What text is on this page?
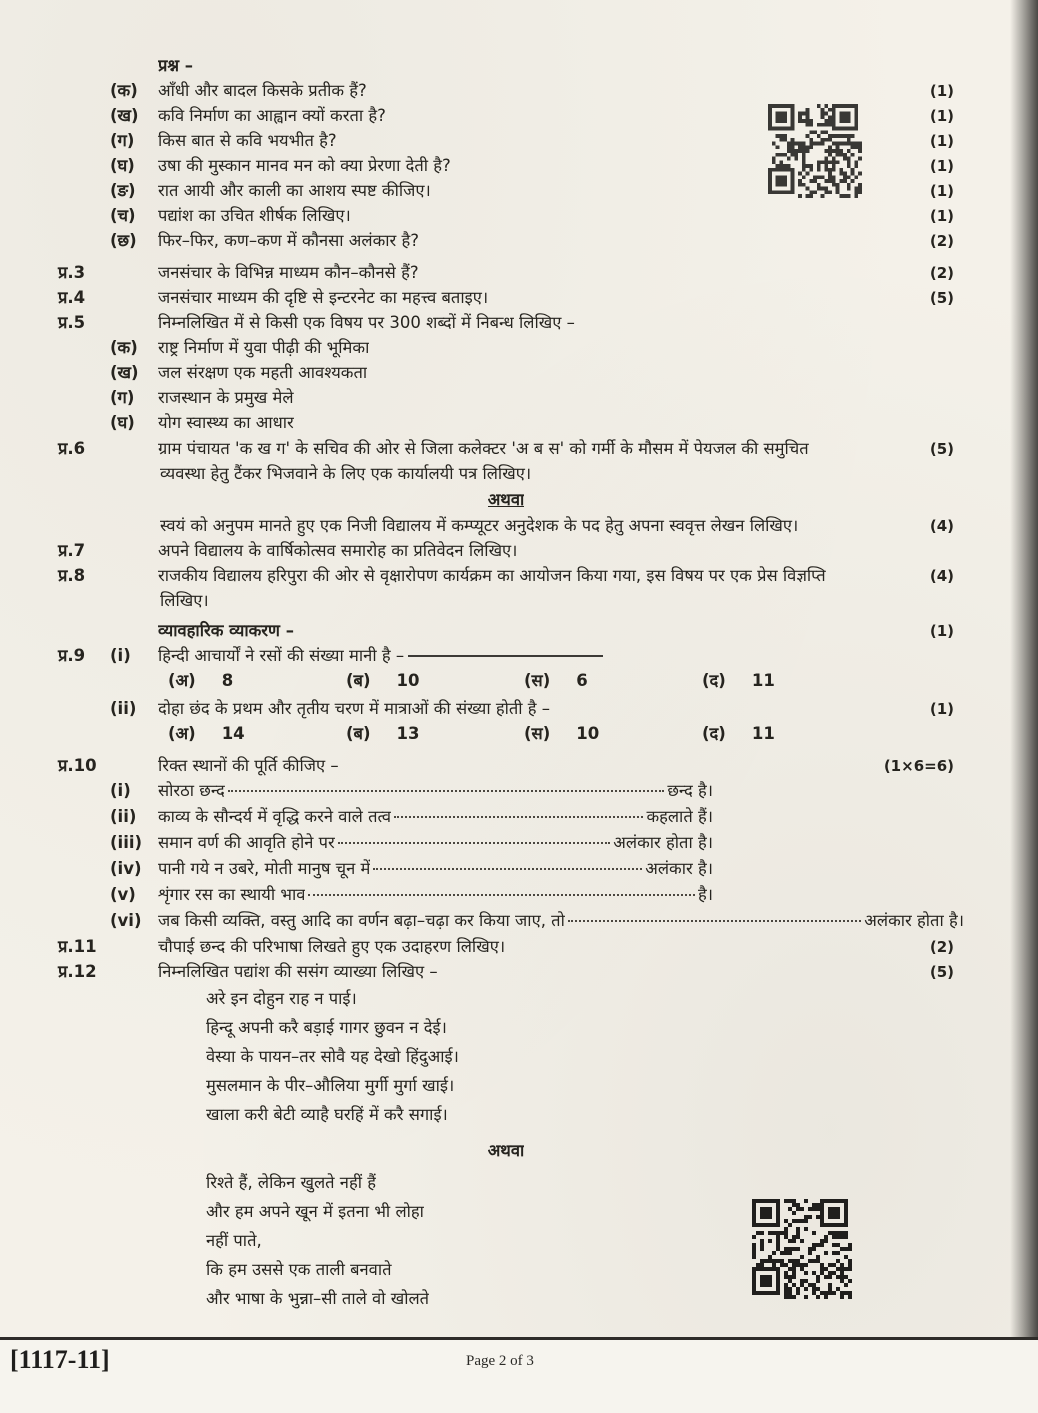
प्रश्न –
(क)	आँधी और बादल किसके प्रतीक हैं?	(1)
(ख)	कवि निर्माण का आह्वान क्यों करता है?	(1)
(ग)	किस बात से कवि भयभीत है?	(1)
(घ)	उषा की मुस्कान मानव मन को क्या प्रेरणा देती है?	(1)
(ङ)	रात आयी और काली का आशय स्पष्ट कीजिए।	(1)
(च)	पद्यांश का उचित शीर्षक लिखिए।	(1)
(छ)	फिर–फिर, कण–कण में कौनसा अलंकार है?	(2)
प्र.3	जनसंचार के विभिन्न माध्यम कौन–कौनसे हैं?	(2)
प्र.4	जनसंचार माध्यम की दृष्टि से इन्टरनेट का महत्त्व बताइए।	(5)
प्र.5	निम्नलिखित में से किसी एक विषय पर 300 शब्दों में निबन्ध लिखिए –
(क)	राष्ट्र निर्माण में युवा पीढ़ी की भूमिका
(ख)	जल संरक्षण एक महती आवश्यकता
(ग)	राजस्थान के प्रमुख मेले
(घ)	योग स्वास्थ्य का आधार
प्र.6	ग्राम पंचायत 'क ख ग' के सचिव की ओर से जिला कलेक्टर 'अ ब स' को गर्मी के मौसम में पेयजल की समुचित	(5)
व्यवस्था हेतु टैंकर भिजवाने के लिए एक कार्यालयी पत्र लिखिए।
अथवा
स्वयं को अनुपम मानते हुए एक निजी विद्यालय में कम्प्यूटर अनुदेशक के पद हेतु अपना स्ववृत्त लेखन लिखिए।	(4)
प्र.7	अपने विद्यालय के वार्षिकोत्सव समारोह का प्रतिवेदन लिखिए।
प्र.8	राजकीय विद्यालय हरिपुरा की ओर से वृक्षारोपण कार्यक्रम का आयोजन किया गया, इस विषय पर एक प्रेस विज्ञप्ति	(4)
लिखिए।
व्यावहारिक व्याकरण –	(1)
प्र.9	(i)	हिन्दी आचार्यों ने रसों की संख्या मानी है –
(अ) 8	(ब) 10	(स) 6	(द) 11
(ii)	दोहा छंद के प्रथम और तृतीय चरण में मात्राओं की संख्या होती है –	(1)
(अ) 14	(ब) 13	(स) 10	(द) 11
प्र.10	रिक्त स्थानों की पूर्ति कीजिए –	(1×6=6)
(i)	सोरठा छन्द	छन्द है।
(ii)	काव्य के सौन्दर्य में वृद्धि करने वाले तत्व	कहलाते हैं।
(iii) समान वर्ण की आवृति होने पर	अलंकार होता है।
(iv)	पानी गये न उबरे, मोती मानुष चून में	अलंकार है।
(v)	शृंगार रस का स्थायी भाव	है।
(vi)	जब किसी व्यक्ति, वस्तु आदि का वर्णन बढ़ा–चढ़ा कर किया जाए, तो	अलंकार होता है।
प्र.11	चौपाई छन्द की परिभाषा लिखते हुए एक उदाहरण लिखिए।	(2)
प्र.12	निम्नलिखित पद्यांश की ससंग व्याख्या लिखिए –	(5)
अरे इन दोहुन राह न पाई।
हिन्दू अपनी करै बड़ाई गागर छुवन न देई।
वेस्या के पायन–तर सोवै यह देखो हिंदुआई।
मुसलमान के पीर–औलिया मुर्गी मुर्गा खाई।
खाला करी बेटी व्याहै घरहिं में करै सगाई।
अथवा
रिश्ते हैं, लेकिन खुलते नहीं हैं
और हम अपने खून में इतना भी लोहा
नहीं पाते,
कि हम उससे एक ताली बनवाते
और भाषा के भुन्ना–सी ताले वो खोलते
[1117-11]	Page 2 of 3
